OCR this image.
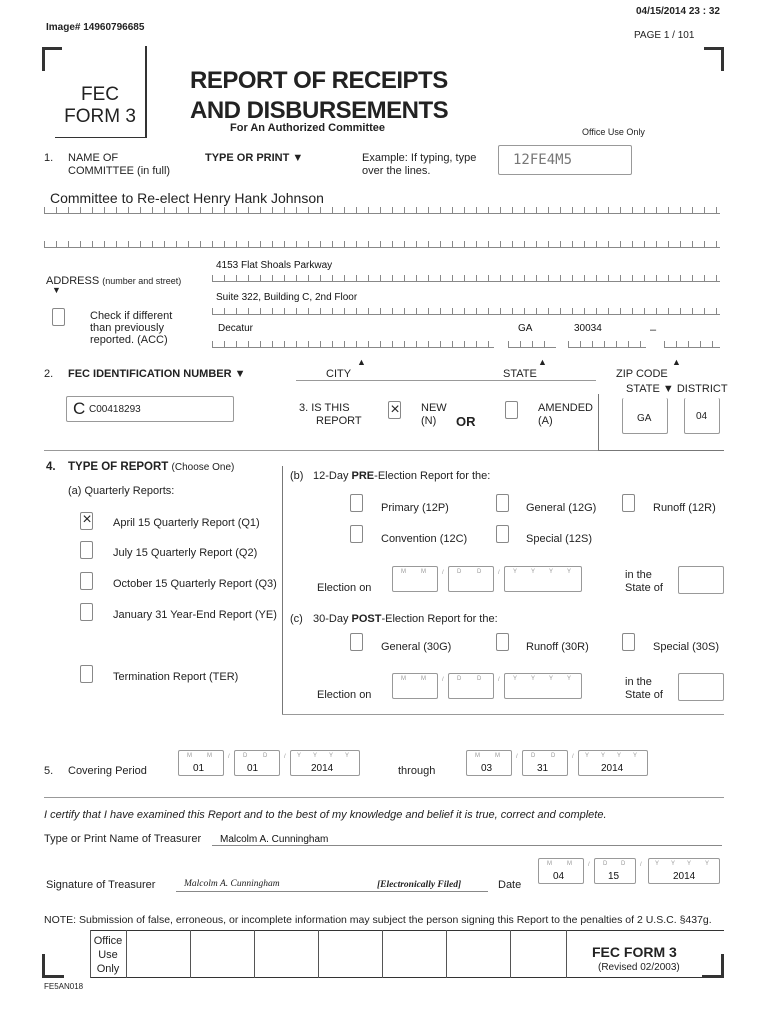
04/15/2014 23 : 32
Image# 14960796685
PAGE 1 / 101
FEC
FORM 3
REPORT OF RECEIPTS
AND DISBURSEMENTS
For An Authorized Committee	Office Use Only
1. NAME OF
COMMITTEE (in full)
TYPE OR PRINT ▼	Example: If typing, type
over the lines.
12FE4M5
Committee to Re-elect Henry Hank Johnson
ADDRESS (number and street)
▼
4153 Flat Shoals Parkway
Suite 322, Building C, 2nd Floor
Check if different
than previously
reported. (ACC)
Decatur	GA	30034	–
▲
CITY
▲
STATE
▲
ZIP CODE
STATE ▼ DISTRICT
2. FEC IDENTIFICATION NUMBER ▼
C C00418293	3. IS THIS
REPORT
× NEW
(N)	OR
AMENDED
(A)	GA	04
4. TYPE OF REPORT (Choose One)
(a) Quarterly Reports:
× April 15 Quarterly Report (Q1)
July 15 Quarterly Report (Q2)
October 15 Quarterly Report (Q3)
January 31 Year-End Report (YE)
Termination Report (TER)
(b) 12-Day PRE-Election Report for the:
Primary (12P)	General (12G)	Runoff (12R)
Convention (12C)	Special (12S)
Election on
M	M	/ D	D	/ Y Y Y Y	in the
State of
(c) 30-Day POST-Election Report for the:
General (30G)	Runoff (30R)	Special (30S)
Election on
M	M	/ D	D	/ Y Y Y Y	in the
State of
5. Covering Period
M	M
01
/ D	D
01
/ Y Y Y Y
2014	through
M	M
03
/ D	D
31
/ Y Y Y Y
2014
I certify that I have examined this Report and to the best of my knowledge and belief it is true, correct and complete.
Type or Print Name of Treasurer Malcolm A. Cunningham
Signature of Treasurer	Malcolm A. Cunningham	[Electronically Filed]	Date
M	M
04
/ D D
15
/ Y Y Y Y
2014
NOTE: Submission of false, erroneous, or incomplete information may subject the person signing this Report to the penalties of 2 U.S.C. §437g.
Office
Use
Only
FEC FORM 3
(Revised 02/2003)
FE5AN018
